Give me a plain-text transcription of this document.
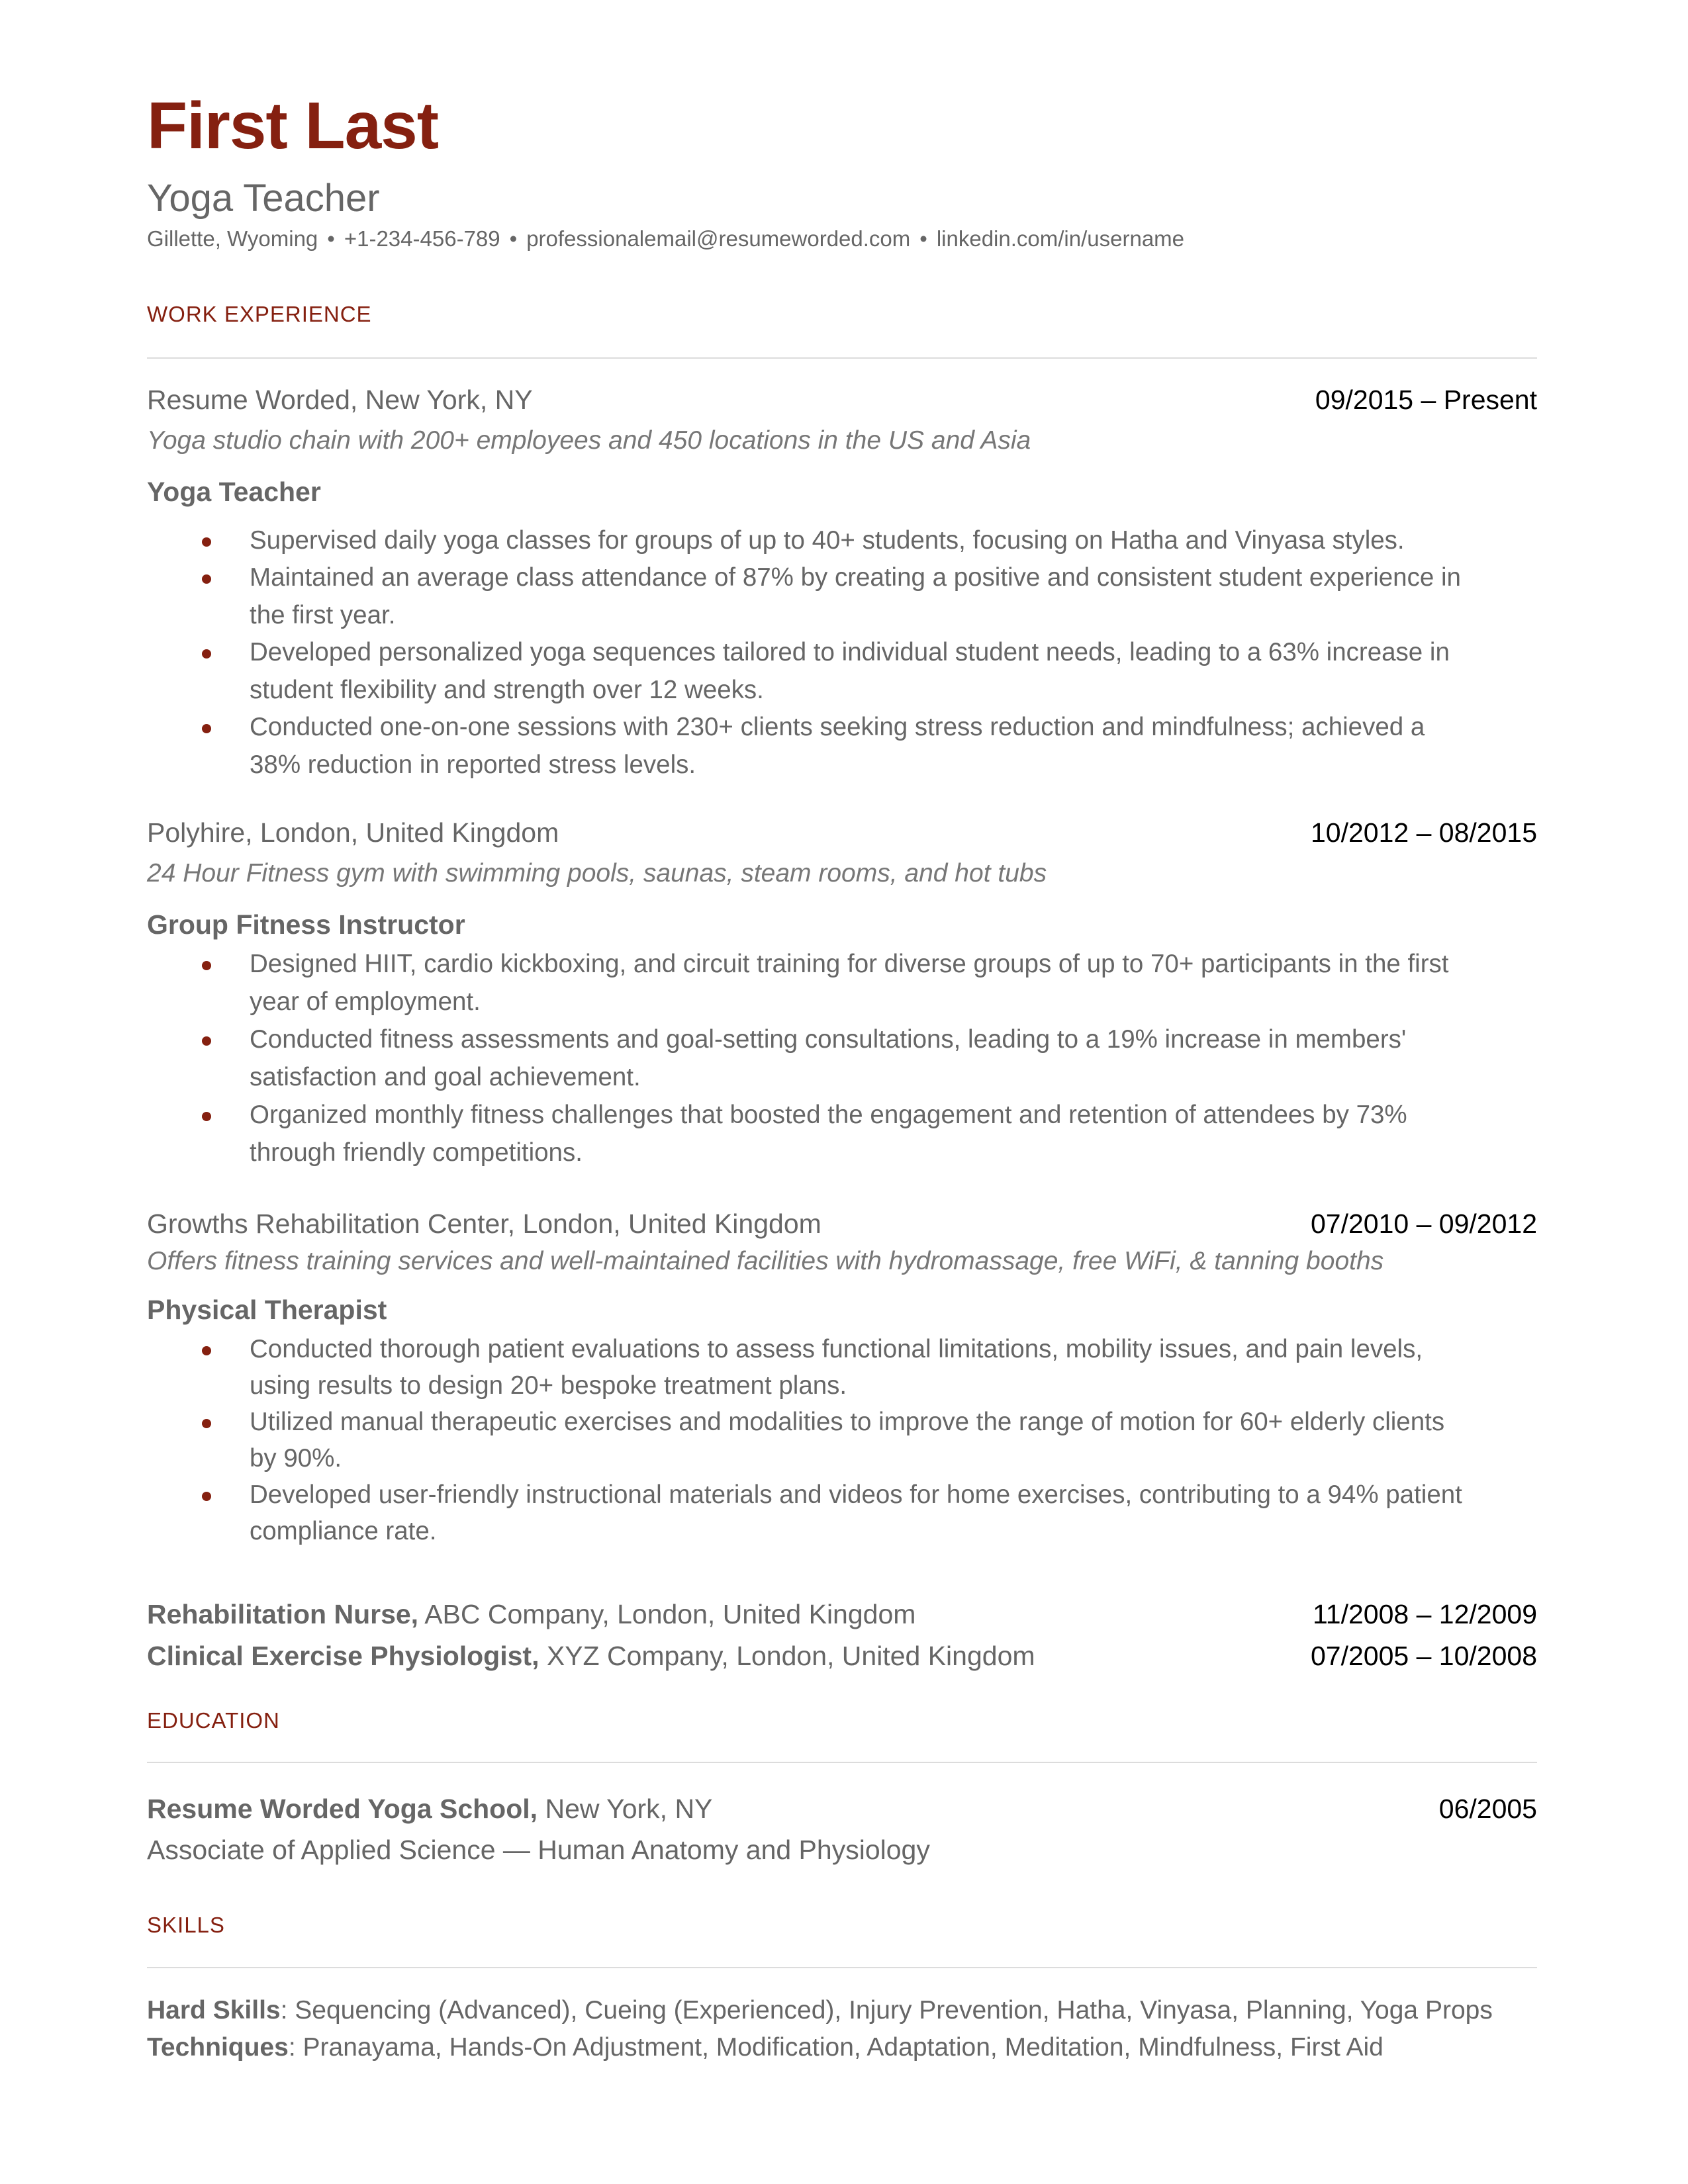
First Last
Yoga Teacher
Gillette, Wyoming • +1-234-456-789 • professionalemail@resumeworded.com • linkedin.com/in/username
WORK EXPERIENCE
Resume Worded, New York, NY	09/2015 – Present
Yoga studio chain with 200+ employees and 450 locations in the US and Asia
Yoga Teacher
Supervised daily yoga classes for groups of up to 40+ students, focusing on Hatha and Vinyasa styles.
Maintained an average class attendance of 87% by creating a positive and consistent student experience in
the first year.
Developed personalized yoga sequences tailored to individual student needs, leading to a 63% increase in
student flexibility and strength over 12 weeks.
Conducted one-on-one sessions with 230+ clients seeking stress reduction and mindfulness; achieved a
38% reduction in reported stress levels.
Polyhire, London, United Kingdom	10/2012 – 08/2015
24 Hour Fitness gym with swimming pools, saunas, steam rooms, and hot tubs
Group Fitness Instructor
Designed HIIT, cardio kickboxing, and circuit training for diverse groups of up to 70+ participants in the first
year of employment.
Conducted fitness assessments and goal-setting consultations, leading to a 19% increase in members'
satisfaction and goal achievement.
Organized monthly fitness challenges that boosted the engagement and retention of attendees by 73%
through friendly competitions.
Growths Rehabilitation Center, London, United Kingdom	07/2010 – 09/2012
Offers fitness training services and well-maintained facilities with hydromassage, free WiFi, & tanning booths
Physical Therapist
Conducted thorough patient evaluations to assess functional limitations, mobility issues, and pain levels,
using results to design 20+ bespoke treatment plans.
Utilized manual therapeutic exercises and modalities to improve the range of motion for 60+ elderly clients
by 90%.
Developed user-friendly instructional materials and videos for home exercises, contributing to a 94% patient
compliance rate.
Rehabilitation Nurse, ABC Company, London, United Kingdom	11/2008 – 12/2009
Clinical Exercise Physiologist, XYZ Company, London, United Kingdom	07/2005 – 10/2008
EDUCATION
Resume Worded Yoga School, New York, NY	06/2005
Associate of Applied Science — Human Anatomy and Physiology
SKILLS
Hard Skills: Sequencing (Advanced), Cueing (Experienced), Injury Prevention, Hatha, Vinyasa, Planning, Yoga Props
Techniques: Pranayama, Hands-On Adjustment, Modification, Adaptation, Meditation, Mindfulness, First Aid
